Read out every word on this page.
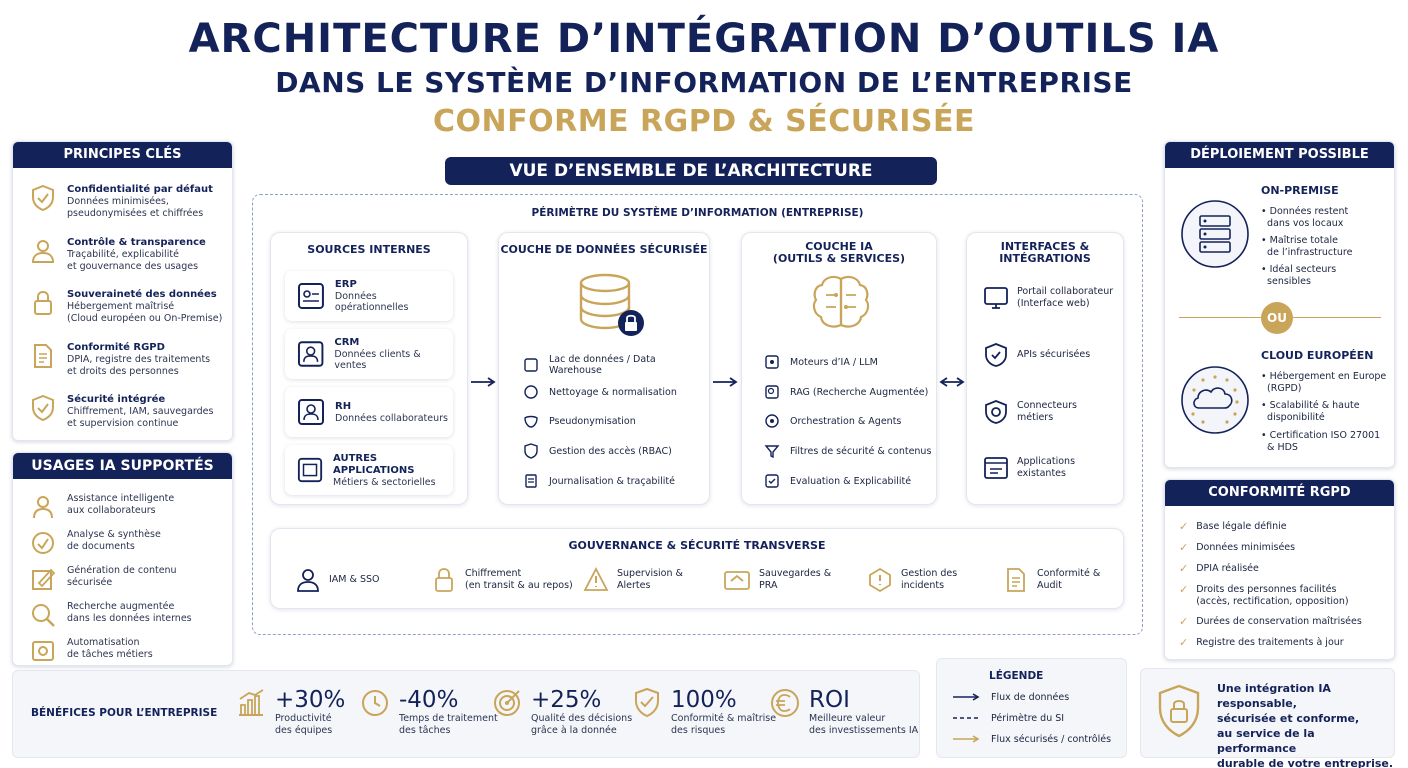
ARCHITECTURE D’INTÉGRATION D’OUTILS IA
DANS LE SYSTÈME D’INFORMATION DE L’ENTREPRISE
CONFORME RGPD & SÉCURISÉE
PRINCIPES CLÉS
Confidentialité par défaut
Données minimisées,
pseudonymisées et chiffrées
Contrôle & transparence
Traçabilité, explicabilité
et gouvernance des usages
Souveraineté des données
Hébergement maîtrisé
(Cloud européen ou On-Premise)
Conformité RGPD
DPIA, registre des traitements
et droits des personnes
Sécurité intégrée
Chiffrement, IAM, sauvegardes
et supervision continue
USAGES IA SUPPORTÉS
Assistance intelligente
aux collaborateurs
Analyse & synthèse
de documents
Génération de contenu
sécurisée
Recherche augmentée
dans les données internes
Automatisation
de tâches métiers
VUE D’ENSEMBLE DE L’ARCHITECTURE
PÉRIMÈTRE DU SYSTÈME D’INFORMATION (ENTREPRISE)
SOURCES INTERNES
ERP
Données opérationnelles
CRM
Données clients & ventes
RH
Données collaborateurs
AUTRES APPLICATIONS
Métiers & sectorielles
COUCHE DE DONNÉES SÉCURISÉE
Lac de données / Data Warehouse
Nettoyage & normalisation
Pseudonymisation
Gestion des accès (RBAC)
Journalisation & traçabilité
COUCHE IA
(OUTILS & SERVICES)
Moteurs d’IA / LLM
RAG (Recherche Augmentée)
Orchestration & Agents
Filtres de sécurité & contenus
Evaluation & Explicabilité
INTERFACES &
INTÉGRATIONS
Portail collaborateur
(Interface web)
APIs sécurisées
Connecteurs
métiers
Applications
existantes
GOUVERNANCE & SÉCURITÉ TRANSVERSE
IAM & SSO
Chiffrement
(en transit & au repos)
Supervision &
Alertes
Sauvegardes &
PRA
Gestion des
incidents
Conformité &
Audit
DÉPLOIEMENT POSSIBLE
ON-PREMISE
• Données restent
dans vos locaux
• Maîtrise totale
de l’infrastructure
• Idéal secteurs
sensibles
OU
CLOUD EUROPÉEN
• Hébergement en Europe
(RGPD)
• Scalabilité & haute
disponibilité
• Certification ISO 27001
& HDS
CONFORMITÉ RGPD
✓ Base légale définie
✓ Données minimisées
✓ DPIA réalisée
✓ Droits des personnes facilités
(accès, rectification, opposition)
✓ Durées de conservation maîtrisées
✓ Registre des traitements à jour
BÉNÉFICES POUR L’ENTREPRISE	+30%
Productivité
des équipes
-40%
Temps de traitement
des tâches
+25%
Qualité des décisions
grâce à la donnée
100%
Conformité & maîtrise
des risques
ROI
Meilleure valeur
des investissements IA
LÉGENDE
Flux de données
Périmètre du SI
Flux sécurisés / contrôlés
Une intégration IA responsable,
sécurisée et conforme,
au service de la performance
durable de votre entreprise.
